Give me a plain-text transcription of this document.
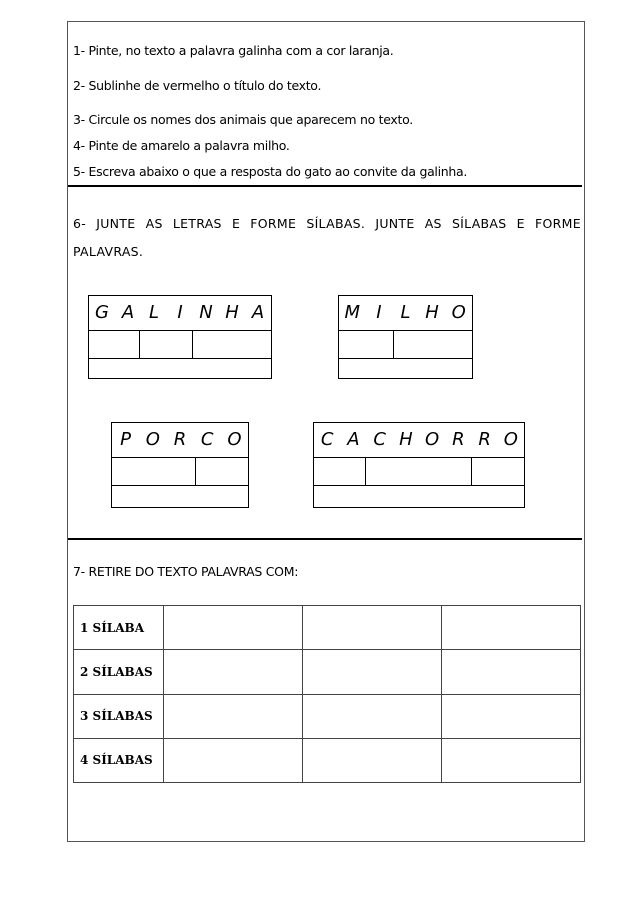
1- Pinte, no texto a palavra galinha com a cor laranja.
2- Sublinhe de vermelho o título do texto.
3- Circule os nomes dos animais que aparecem no texto.
4- Pinte de amarelo a palavra milho.
5- Escreva abaixo o que a resposta do gato ao convite da galinha.
6- JUNTE AS LETRAS E FORME SÍLABAS. JUNTE AS SÍLABAS E FORME
PALAVRAS.
G A L	I N H A	M I	L H O
P O R C O	C A C H O R R O
7- RETIRE DO TEXTO PALAVRAS COM:
1 SÍLABA			
2 SÍLABAS			
3 SÍLABAS			
4 SÍLABAS			
